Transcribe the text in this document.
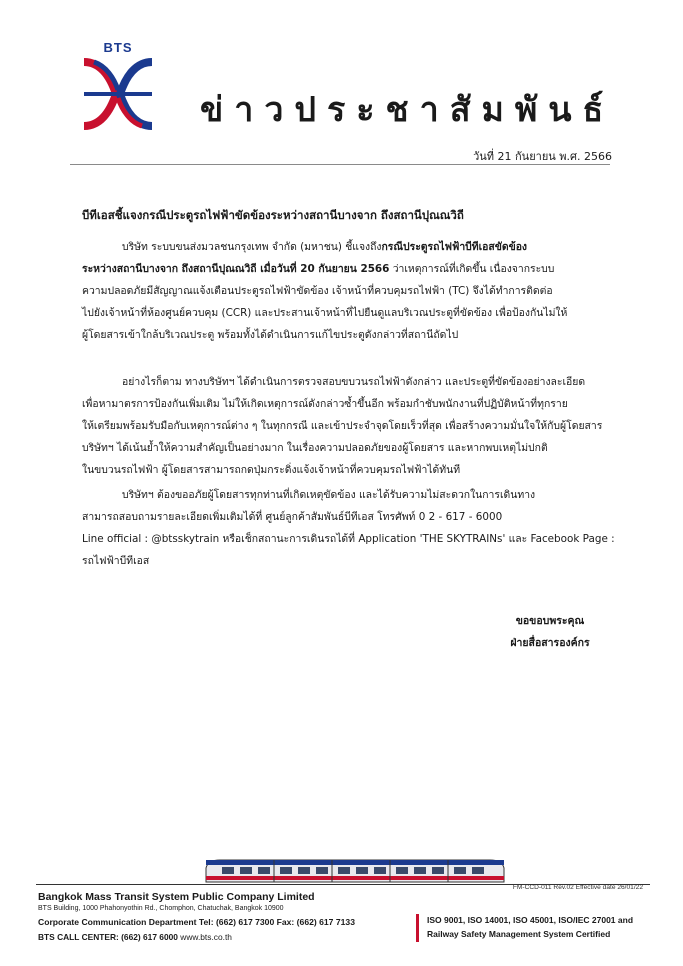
BTS
ข่าวประชาสัมพันธ์
วันที่ 21 กันยายน พ.ศ. 2566
บีทีเอสชี้แจงกรณีประตูรถไฟฟ้าขัดข้องระหว่างสถานีบางจาก ถึงสถานีปุณณวิถี
บริษัท ระบบขนส่งมวลชนกรุงเทพ จำกัด (มหาชน) ชี้แจงถึงกรณีประตูรถไฟฟ้าบีทีเอสขัดข้อง
ระหว่างสถานีบางจาก ถึงสถานีปุณณวิถี เมื่อวันที่ 20 กันยายน 2566 ว่าเหตุการณ์ที่เกิดขึ้น เนื่องจากระบบ
ความปลอดภัยมีสัญญาณแจ้งเตือนประตูรถไฟฟ้าขัดข้อง เจ้าหน้าที่ควบคุมรถไฟฟ้า (TC) จึงได้ทำการติดต่อ
ไปยังเจ้าหน้าที่ห้องศูนย์ควบคุม (CCR) และประสานเจ้าหน้าที่ไปยืนดูแลบริเวณประตูที่ขัดข้อง เพื่อป้องกันไม่ให้
ผู้โดยสารเข้าใกล้บริเวณประตู พร้อมทั้งได้ดำเนินการแก้ไขประตูดังกล่าวที่สถานีถัดไป
อย่างไรก็ตาม ทางบริษัทฯ ได้ดำเนินการตรวจสอบขบวนรถไฟฟ้าดังกล่าว และประตูที่ขัดข้องอย่างละเอียด
เพื่อหามาตรการป้องกันเพิ่มเติม ไม่ให้เกิดเหตุการณ์ดังกล่าวซ้ำขึ้นอีก พร้อมกำชับพนักงานที่ปฏิบัติหน้าที่ทุกราย
ให้เตรียมพร้อมรับมือกับเหตุการณ์ต่าง ๆ ในทุกกรณี และเข้าประจำจุดโดยเร็วที่สุด เพื่อสร้างความมั่นใจให้กับผู้โดยสาร
บริษัทฯ ได้เน้นย้ำให้ความสำคัญเป็นอย่างมาก ในเรื่องความปลอดภัยของผู้โดยสาร และหากพบเหตุไม่ปกติ
ในขบวนรถไฟฟ้า ผู้โดยสารสามารถกดปุ่มกระดิ่งแจ้งเจ้าหน้าที่ควบคุมรถไฟฟ้าได้ทันที
บริษัทฯ ต้องขออภัยผู้โดยสารทุกท่านที่เกิดเหตุขัดข้อง และได้รับความไม่สะดวกในการเดินทาง
สามารถสอบถามรายละเอียดเพิ่มเติมได้ที่ ศูนย์ลูกค้าสัมพันธ์บีทีเอส โทรศัพท์ 0 2 - 617 - 6000
Line official : @btsskytrain หรือเช็กสถานะการเดินรถได้ที่ Application 'THE SKYTRAINs' และ Facebook Page :
รถไฟฟ้าบีทีเอส
ขอขอบพระคุณ
ฝ่ายสื่อสารองค์กร
FM-CCD-011 Rev.02 Effective date 26/01/22
Bangkok Mass Transit System Public Company Limited
BTS Building, 1000 Phahonyothin Rd., Chomphon, Chatuchak, Bangkok 10900
Corporate Communication Department Tel: (662) 617 7300 Fax: (662) 617 7133
BTS CALL CENTER: (662) 617 6000 www.bts.co.th
ISO 9001, ISO 14001, ISO 45001, ISO/IEC 27001 and
Railway Safety Management System Certified
